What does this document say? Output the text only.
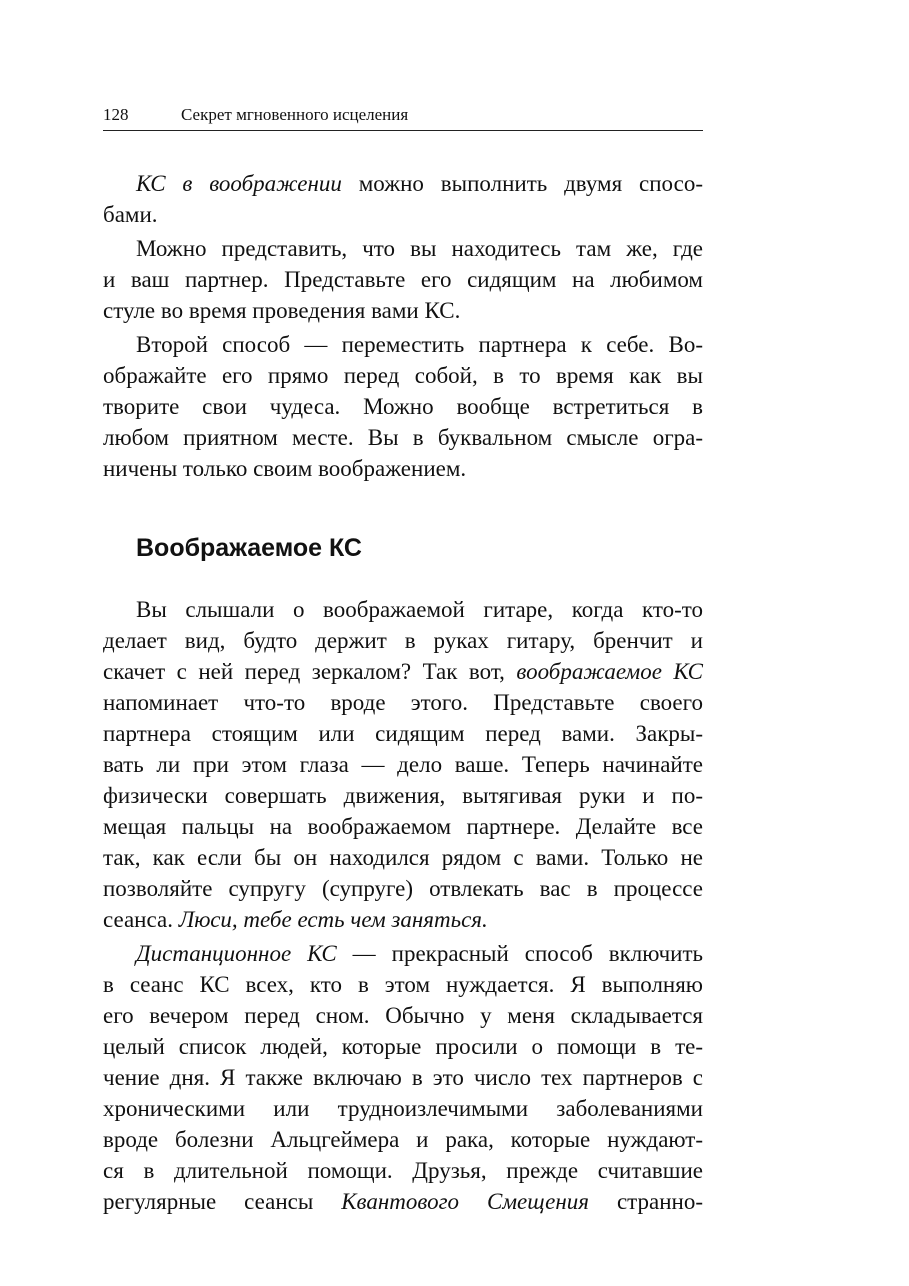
128	Секрет мгновенного исцеления
КС в воображении можно выполнить двумя спосо-
бами.
Можно представить, что вы находитесь там же, где
и ваш партнер. Представьте его сидящим на любимом
стуле во время проведения вами КС.
Второй способ — переместить партнера к себе. Во-
ображайте его прямо перед собой, в то время как вы
творите свои чудеса. Можно вообще встретиться в
любом приятном месте. Вы в буквальном смысле огра-
ничены только своим воображением.
Воображаемое КС
Вы слышали о воображаемой гитаре, когда кто-то
делает вид, будто держит в руках гитару, бренчит и
скачет с ней перед зеркалом? Так вот, воображаемое КС
напоминает что-то вроде этого. Представьте своего
партнера стоящим или сидящим перед вами. Закры-
вать ли при этом глаза — дело ваше. Теперь начинайте
физически совершать движения, вытягивая руки и по-
мещая пальцы на воображаемом партнере. Делайте все
так, как если бы он находился рядом с вами. Только не
позволяйте супругу (супруге) отвлекать вас в процессе
сеанса. Люси, тебе есть чем заняться.
Дистанционное КС — прекрасный способ включить
в сеанс КС всех, кто в этом нуждается. Я выполняю
его вечером перед сном. Обычно у меня складывается
целый список людей, которые просили о помощи в те-
чение дня. Я также включаю в это число тех партнеров с
хроническими или трудноизлечимыми заболеваниями
вроде болезни Альцгеймера и рака, которые нуждают-
ся в длительной помощи. Друзья, прежде считавшие
регулярные сеансы Квантового Смещения странно-
